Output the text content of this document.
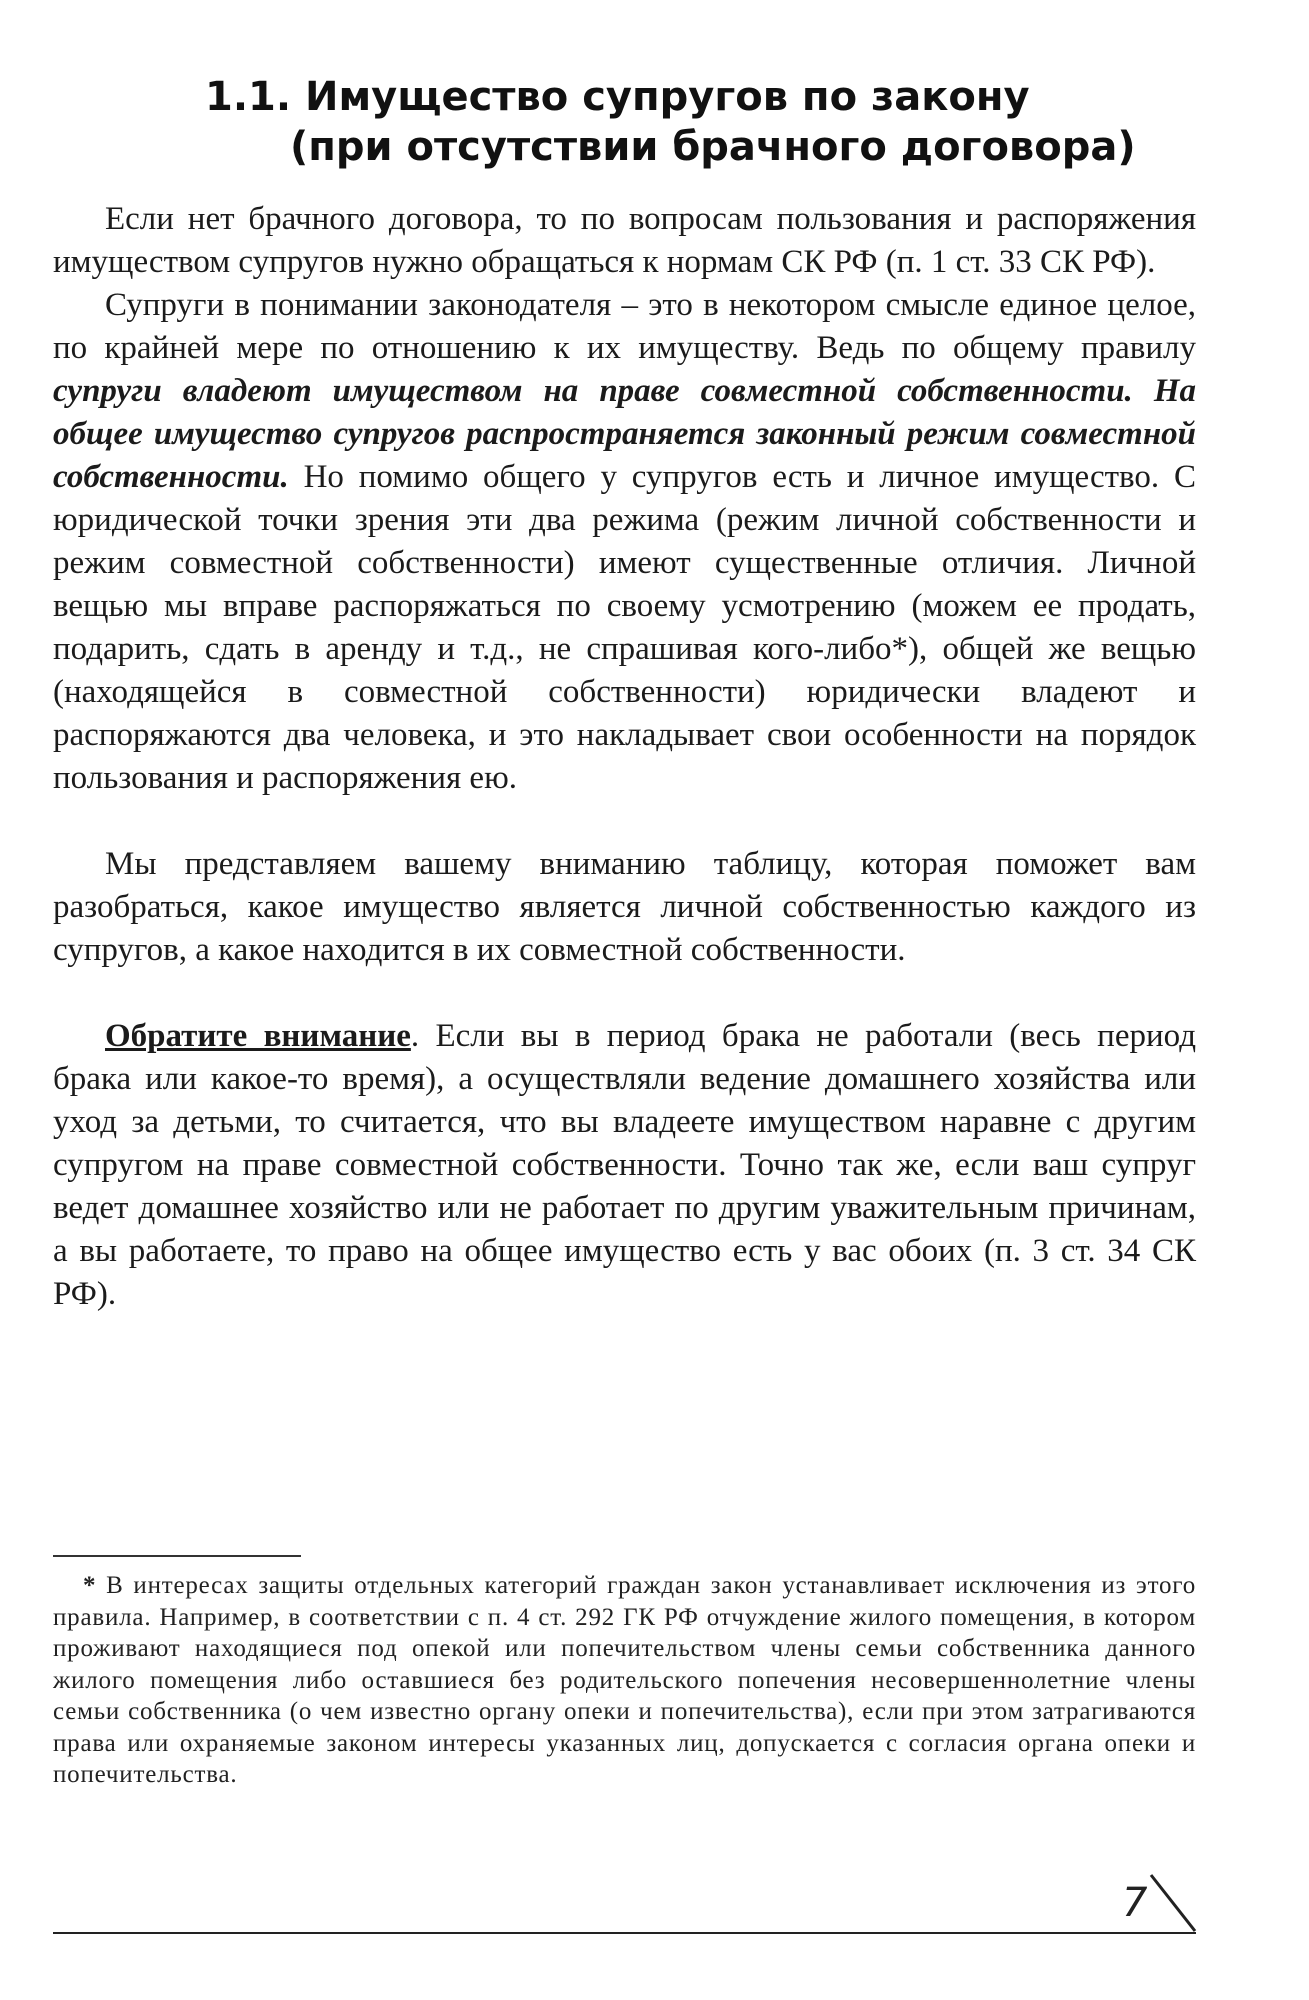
1.1. Имущество супругов по закону
(при отсутствии брачного договора)

Если нет брачного договора, то по вопросам пользования и распоряжения имуществом супругов нужно обращаться к нормам СК РФ (п. 1 ст. 33 СК РФ).

Супруги в понимании законодателя – это в некотором смысле единое целое, по крайней мере по отношению к их имуществу. Ведь по общему правилу супруги владеют имуществом на праве совместной собственности. На общее имущество супругов распространяется законный режим совместной собственности. Но помимо общего у супругов есть и личное имущество. С юридической точки зрения эти два режима (режим личной собственности и режим совместной собственности) имеют существенные отличия. Личной вещью мы вправе распоряжаться по своему усмотрению (можем ее продать, подарить, сдать в аренду и т.д., не спрашивая кого-либо*), общей же вещью (находящейся в совместной собственности) юридически владеют и распоряжаются два человека, и это накладывает свои особенности на порядок пользования и распоряжения ею.

Мы представляем вашему вниманию таблицу, которая поможет вам разобраться, какое имущество является личной собственностью каждого из супругов, а какое находится в их совместной собственности.

Обратите внимание. Если вы в период брака не работали (весь период брака или какое-то время), а осуществляли ведение домашнего хозяйства или уход за детьми, то считается, что вы владеете имуществом наравне с другим супругом на праве совместной собственности. Точно так же, если ваш супруг ведет домашнее хозяйство или не работает по другим уважительным причинам, а вы работаете, то право на общее имущество есть у вас обоих (п. 3 ст. 34 СК РФ).

* В интересах защиты отдельных категорий граждан закон устанавливает исключения из этого правила. Например, в соответствии с п. 4 ст. 292 ГК РФ отчуждение жилого помещения, в котором проживают находящиеся под опекой или попечительством члены семьи собственника данного жилого помещения либо оставшиеся без родительского попечения несовершеннолетние члены семьи собственника (о чем известно органу опеки и попечительства), если при этом затрагиваются права или охраняемые законом интересы указанных лиц, допускается с согласия органа опеки и попечительства.

7
